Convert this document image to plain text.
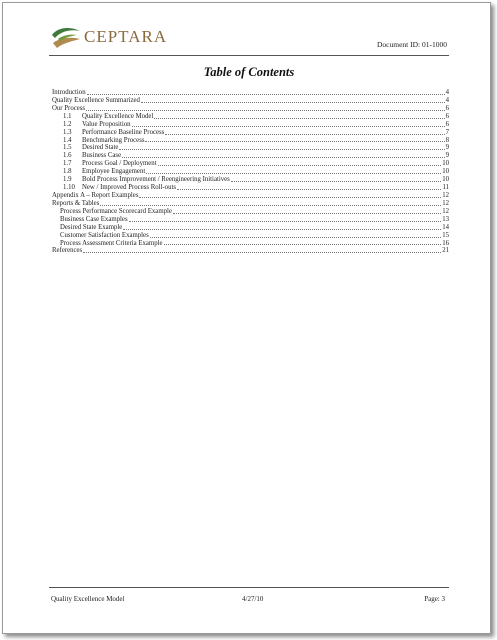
CEPTARA	Document ID: 01-1000
Table of Contents
Introduction	4
Quality Excellence Summarized	4
Our Process	6
1.1	Quality Excellence Model	6
1.2	Value Proposition	6
1.3	Performance Baseline Process	7
1.4	Benchmarking Process	8
1.5	Desired State	9
1.6	Business Case	9
1.7	Process Goal / Deployment	10
1.8	Employee Engagement	10
1.9	Bold Process Improvement / Reengineering Initiatives	10
1.10	New / Improved Process Roll-outs	11
Appendix A – Report Examples	12
Reports & Tables	12
Process Performance Scorecard Example	12
Business Case Examples	13
Desired State Example	14
Customer Satisfaction Examples	15
Process Assessment Criteria Example	16
References	21
Quality Excellence Model	4/27/10	Page: 3
